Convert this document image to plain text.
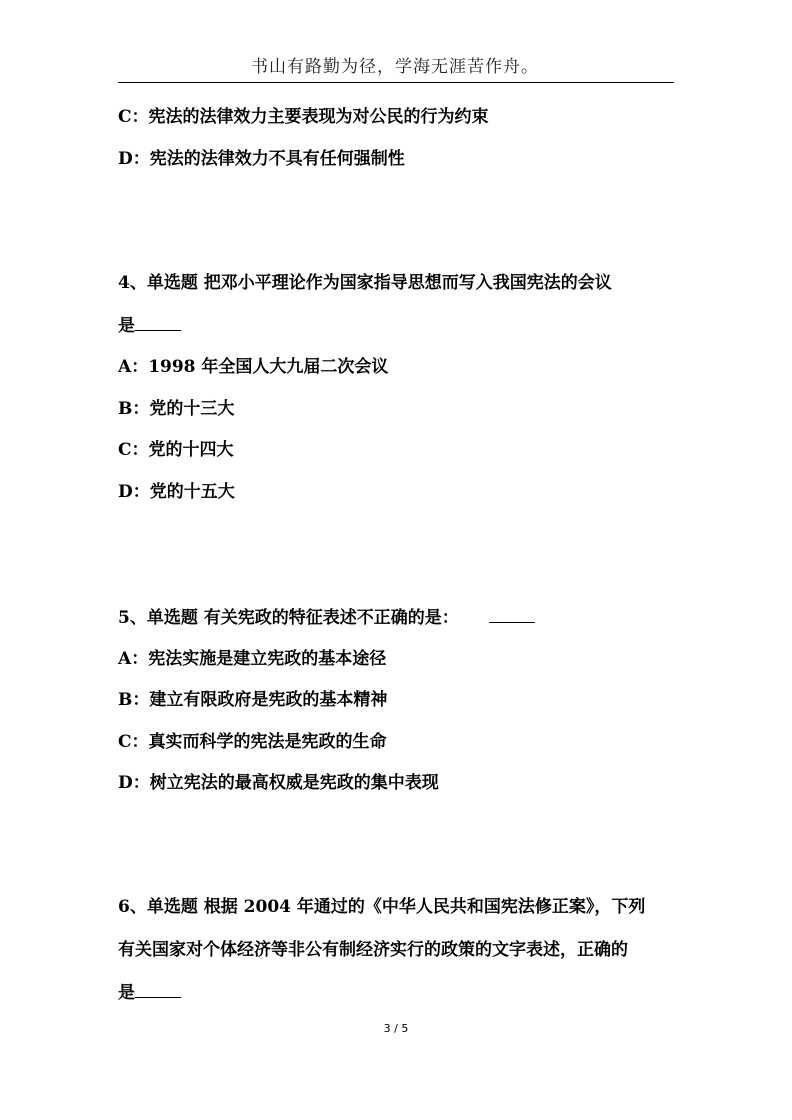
书山有路勤为径，学海无涯苦作舟。
C：宪法的法律效力主要表现为对公民的行为约束
D：宪法的法律效力不具有任何强制性
4、单选题 把邓小平理论作为国家指导思想而写入我国宪法的会议
是
A：1998 年全国人大九届二次会议
B：党的十三大
C：党的十四大
D：党的十五大
5、单选题 有关宪政的特征表述不正确的是：
A：宪法实施是建立宪政的基本途径
B：建立有限政府是宪政的基本精神
C：真实而科学的宪法是宪政的生命
D：树立宪法的最高权威是宪政的集中表现
6、单选题 根据 2004 年通过的《中华人民共和国宪法修正案》，下列
有关国家对个体经济等非公有制经济实行的政策的文字表述，正确的
是
3 / 5
